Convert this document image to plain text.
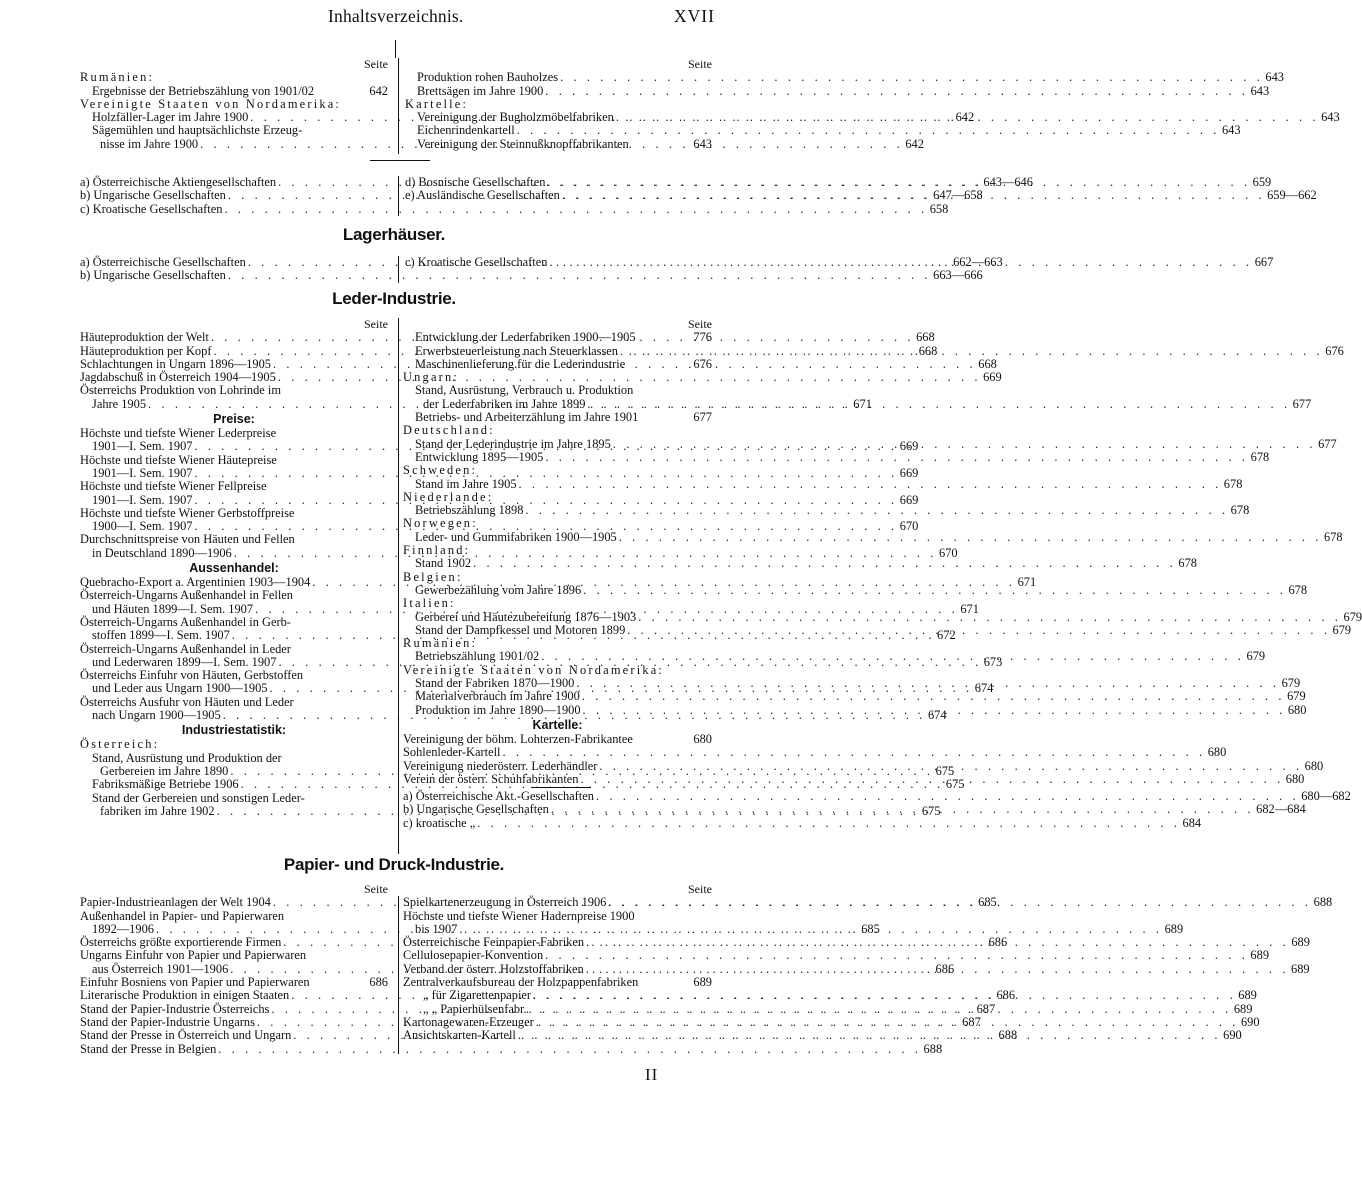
Inhaltsverzeichnis.	XVII
Seite
Rumänien:
Ergebnisse der Betriebszählung von 1901/02	642
Vereinigte Staaten von Nordamerika:
Holzfäller-Lager im Jahre 1900 . . .	642
Sägemühlen und hauptsächlichste Erzeug-
nisse im Jahre 1900 . . .	642
Seite
Produktion rohen Bauholzes . . .	643
Brettsägen im Jahre 1900 . . .	643
Kartelle:
Vereinigung der Bugholzmöbelfabriken . . .	643
Eichenrindenkartell . . .	643
Vereinigung der Steinnußknopffabrikanten	643
a) Österreichische Aktiengesellschaften . . .	643—646
b) Ungarische Gesellschaften . . .	647—658
c) Kroatische Gesellschaften . . .	658
d) Bosnische Gesellschaften . . .	659
e) Ausländische Gesellschaften . . .	659—662
Lagerhäuser.
a) Österreichische Gesellschaften . . .	662—663
b) Ungarische Gesellschaften . . .	663—666
c) Kroatische Gesellschaften . . .	667
Leder-Industrie.
Seite
Häuteproduktion der Welt . . .	668
Häuteproduktion per Kopf . . .	668
Schlachtungen in Ungarn 1896—1905 . . .	668
Jagdabschuß in Österreich 1904—1905 . . .	669
Österreichs Produktion von Lohrinde im
Jahre 1905 . . .	671
Preise:
Höchste und tiefste Wiener Lederpreise
1901—I. Sem. 1907 . . .	669
Höchste und tiefste Wiener Häutepreise
1901—I. Sem. 1907 . . .	669
Höchste und tiefste Wiener Fellpreise
1901—I. Sem. 1907 . . .	669
Höchste und tiefste Wiener Gerbstoffpreise
1900—I. Sem. 1907 . . .	670
Durchschnittspreise von Häuten und Fellen
in Deutschland 1890—1906 . . .	670
Aussenhandel:
Quebracho-Export a. Argentinien 1903—1904 . . .	671
Österreich-Ungarns Außenhandel in Fellen
und Häuten 1899—I. Sem. 1907 . . .	671
Österreich-Ungarns Außenhandel in Gerb-
stoffen 1899—I. Sem. 1907 . . .	672
Österreich-Ungarns Außenhandel in Leder
und Lederwaren 1899—I. Sem. 1907 . . .	673
Österreichs Einfuhr von Häuten, Gerbstoffen
und Leder aus Ungarn 1900—1905 . . .	674
Österreichs Ausfuhr von Häuten und Leder
nach Ungarn 1900—1905 . . .	674
Industriestatistik:
Österreich:
Stand, Ausrüstung und Produktion der
Gerbereien im Jahre 1890 . . .	675
Fabriksmäßige Betriebe 1906 . . .	675
Stand der Gerbereien und sonstigen Leder-
fabriken im Jahre 1902 . . .	675
Seite
Entwicklung der Lederfabriken 1900—1905	776
Erwerbsteuerleistung nach Steuerklassen . . .	676
Maschinenlieferung für die Lederindustrie	676
Ungarn:
Stand, Ausrüstung, Verbrauch u. Produktion
der Lederfabriken im Jahre 1899 . . .	677
Betriebs- und Arbeiterzählung im Jahre 1901	677
Deutschland:
Stand der Lederindustrie im Jahre 1895 . . .	677
Entwicklung 1895—1905 . . .	678
Schweden:
Stand im Jahre 1905 . . .	678
Niederlande:
Betriebszählung 1898 . . .	678
Norwegen:
Leder- und Gummifabriken 1900—1905 . . .	678
Finnland:
Stand 1902 . . .	678
Belgien:
Gewerbezählung vom Jahre 1896 . . .	678
Italien:
Gerberei und Häutezubereitung 1876—1903 . . .	679
Stand der Dampfkessel und Motoren 1899 . . .	679
Rumänien:
Betriebszählung 1901/02 . . .	679
Vereinigte Staaten von Nordamerika:
Stand der Fabriken 1870—1900 . . .	679
Materialverbrauch im Jahre 1900 . . .	679
Produktion im Jahre 1890—1900 . . .	680
Kartelle:
Vereinigung der böhm. Lohterzen-Fabrikantee	680
Sohlenleder-Kartell . . .	680
Vereinigung niederösterr. Lederhändler . . .	680
Verein der österr. Schuhfabrikanten . . .	680
a) Österreichische Akt.-Gesellschaften . . .	680—682
b) Ungarische Gesellschaften . . .	682—684
c) kroatische „ . . .	684
Papier- und Druck-Industrie.
Seite
Papier-Industrieanlagen der Welt 1904 . . .	685
Außenhandel in Papier- und Papierwaren
1892—1906 . . .	685
Österreichs größte exportierende Firmen . . .	686
Ungarns Einfuhr von Papier und Papierwaren
aus Österreich 1901—1906 . . .	686
Einfuhr Bosniens von Papier und Papierwaren	686
Literarische Produktion in einigen Staaten . . .	686
Stand der Papier-Industrie Österreichs . . .	687
Stand der Papier-Industrie Ungarns . . .	687
Stand der Presse in Österreich und Ungarn . . .	688
Stand der Presse in Belgien . . .	688
Seite
Spielkartenerzeugung in Österreich 1906 . . .	688
Höchste und tiefste Wiener Hadernpreise 1900
bis 1907 . . .	689
Österreichische Feinpapier-Fabriken . . .	689
Cellulosepapier-Konvention . . .	689
Verband der österr. Holzstoffabriken . . .	689
Zentralverkaufsbureau der Holzpappenfabriken	689
„ für Zigarettenpapier . . .	689
„ „ Papierhülsenfabr. . . .	689
Kartonagewaren-Erzeuger . . .	690
Ansichtskarten-Kartell . . .	690
II
